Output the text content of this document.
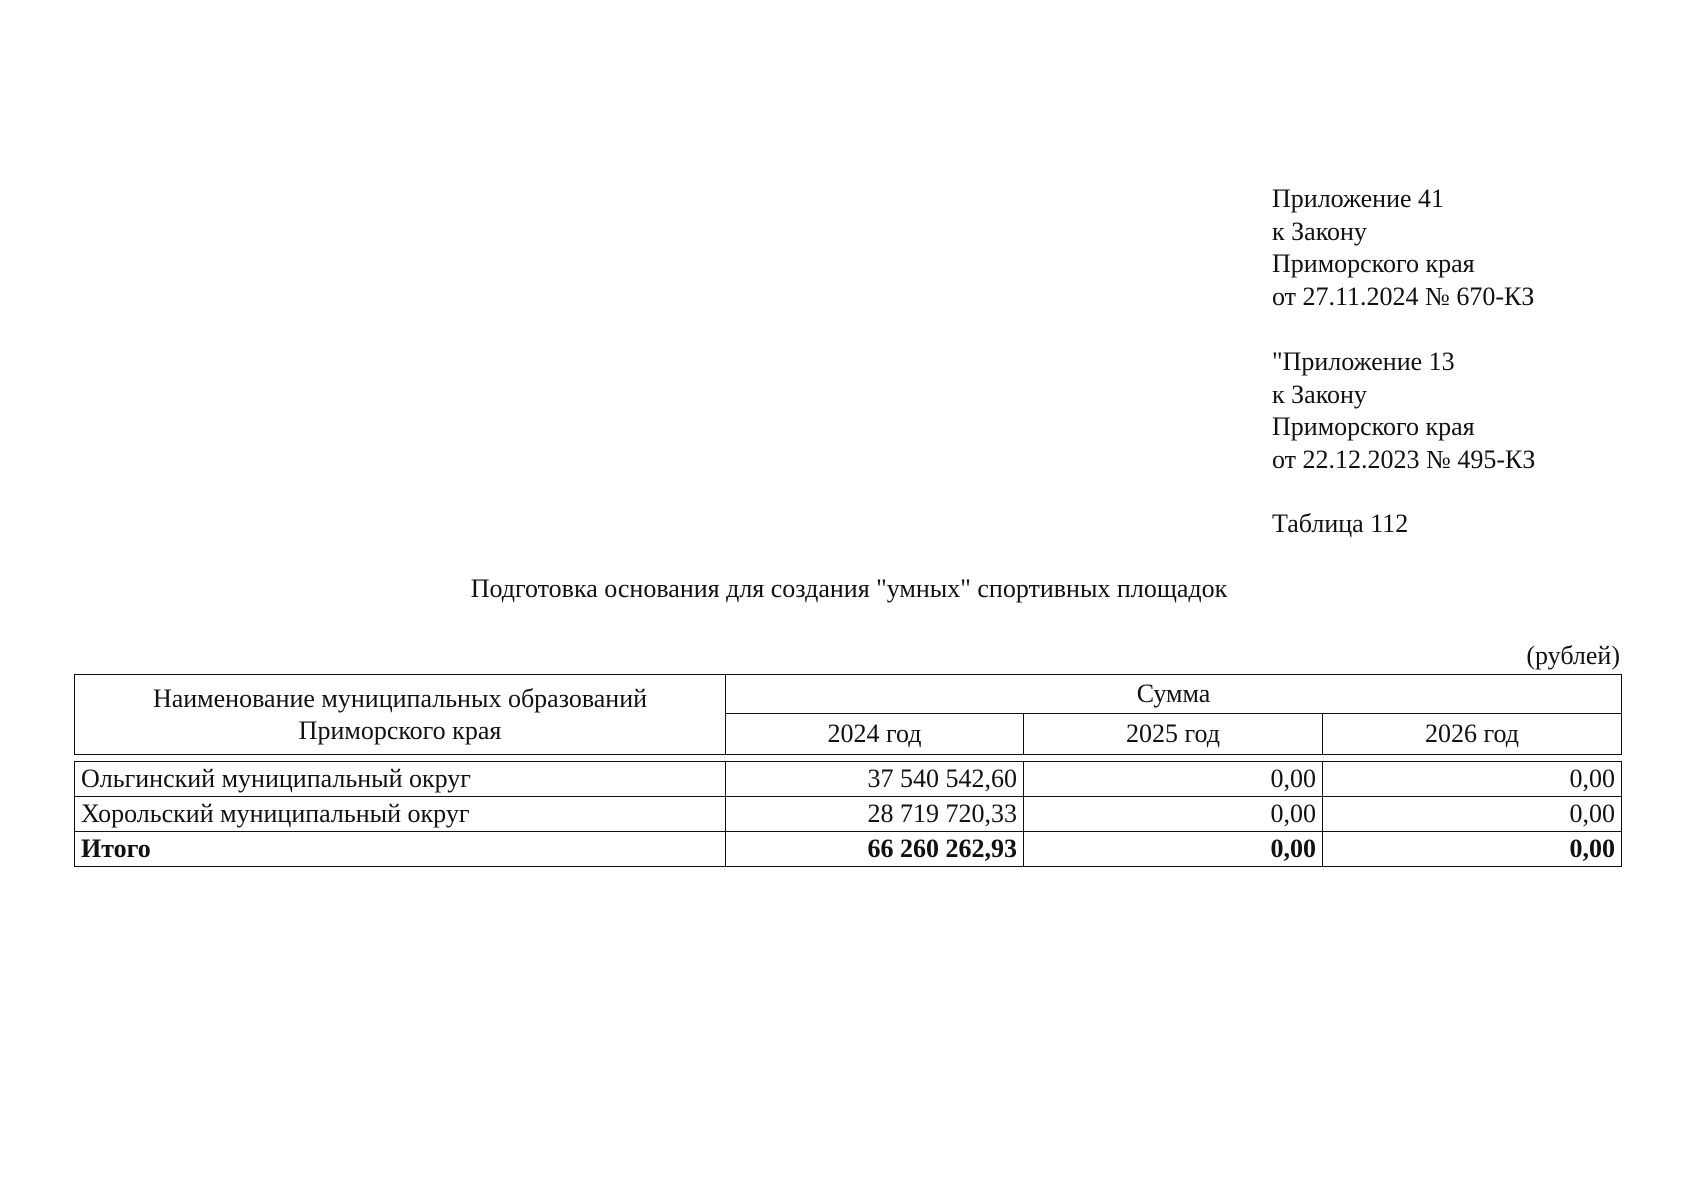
Приложение 41
к Закону
Приморского края
от 27.11.2024 № 670-КЗ
"Приложение 13
к Закону
Приморского края
от 22.12.2023 № 495-КЗ
Таблица 112
Подготовка основания для создания "умных" спортивных площадок
(рублей)
Наименование муниципальных образований Приморского края	Сумма		
	2024 год	2025 год	2026 год

Ольгинский муниципальный округ	37 540 542,60	0,00	0,00
Хорольский муниципальный округ	28 719 720,33	0,00	0,00
Итого	66 260 262,93	0,00	0,00
